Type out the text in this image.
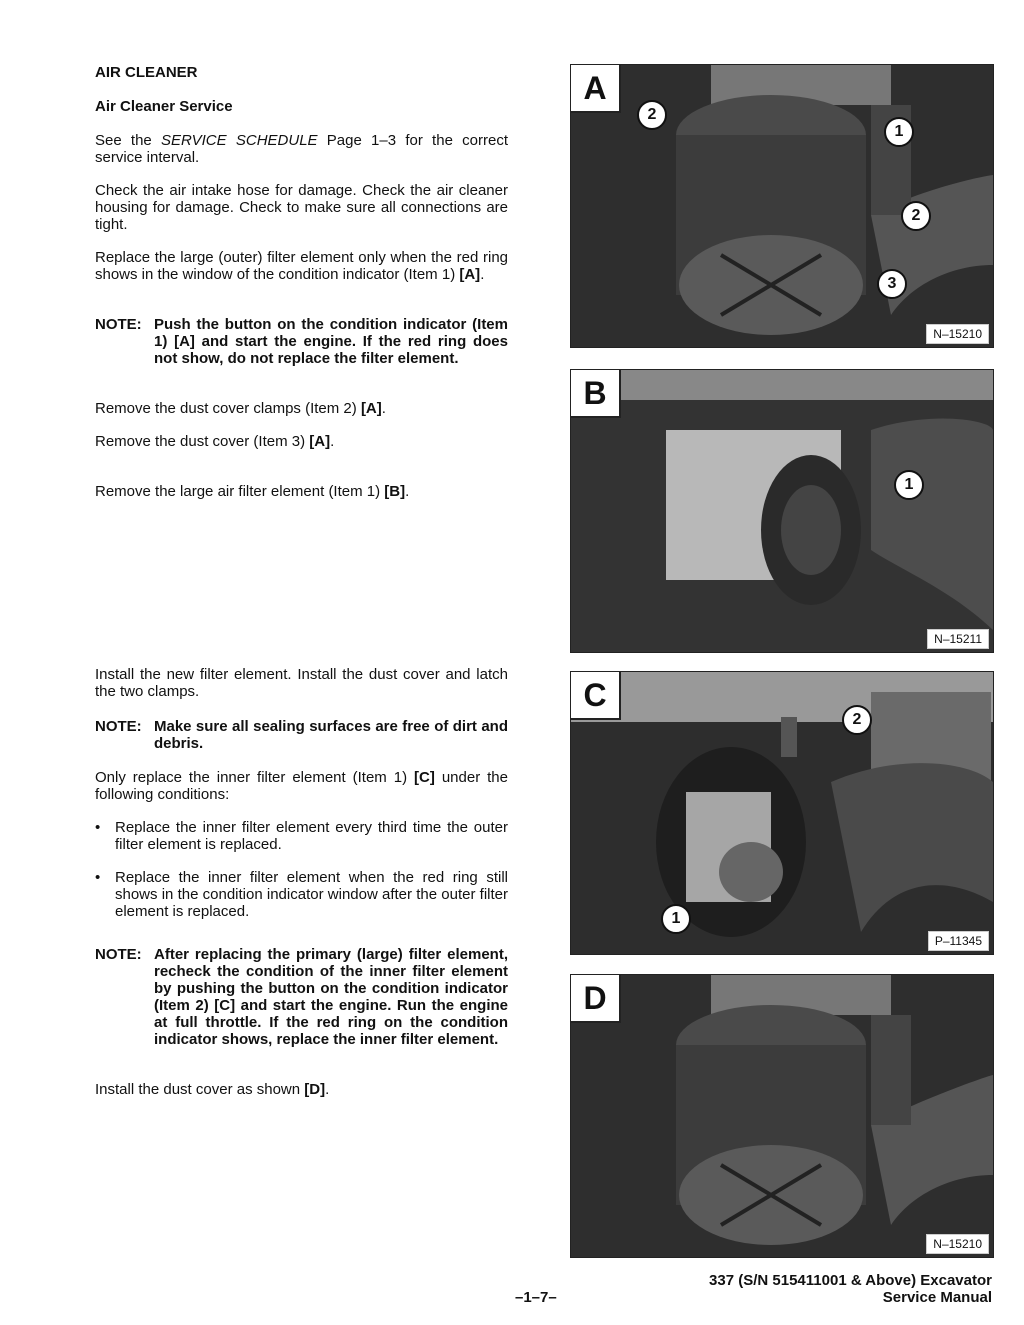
AIR CLEANER

Air Cleaner Service

See the SERVICE SCHEDULE Page 1–3 for the correct service interval.

Check the air intake hose for damage. Check the air cleaner housing for damage. Check to make sure all connections are tight.

Replace the large (outer) filter element only when the red ring shows in the window of the condition indicator (Item 1) [A].

NOTE: Push the button on the condition indicator (Item 1) [A] and start the engine. If the red ring does not show, do not replace the filter element.

Remove the dust cover clamps (Item 2) [A].

Remove the dust cover (Item 3) [A].

Remove the large air filter element (Item 1) [B].

Install the new filter element. Install the dust cover and latch the two clamps.

NOTE: Make sure all sealing surfaces are free of dirt and debris.

Only replace the inner filter element (Item 1) [C] under the following conditions:

• Replace the inner filter element every third time the outer filter element is replaced.
• Replace the inner filter element when the red ring still shows in the condition indicator window after the outer filter element is replaced.
NOTE: After replacing the primary (large) filter element, recheck the condition of the inner filter element by pushing the button on the condition indicator (Item 2) [C] and start the engine. Run the engine at full throttle. If the red ring on the condition indicator shows, replace the inner filter element.

Install the dust cover as shown [D].

A
2
1
2
3
N–15210
B
1
N–15211
C
2
1
P–11345
D
N–15210
–1–7–
337 (S/N 515411001 & Above) Excavator
Service Manual
